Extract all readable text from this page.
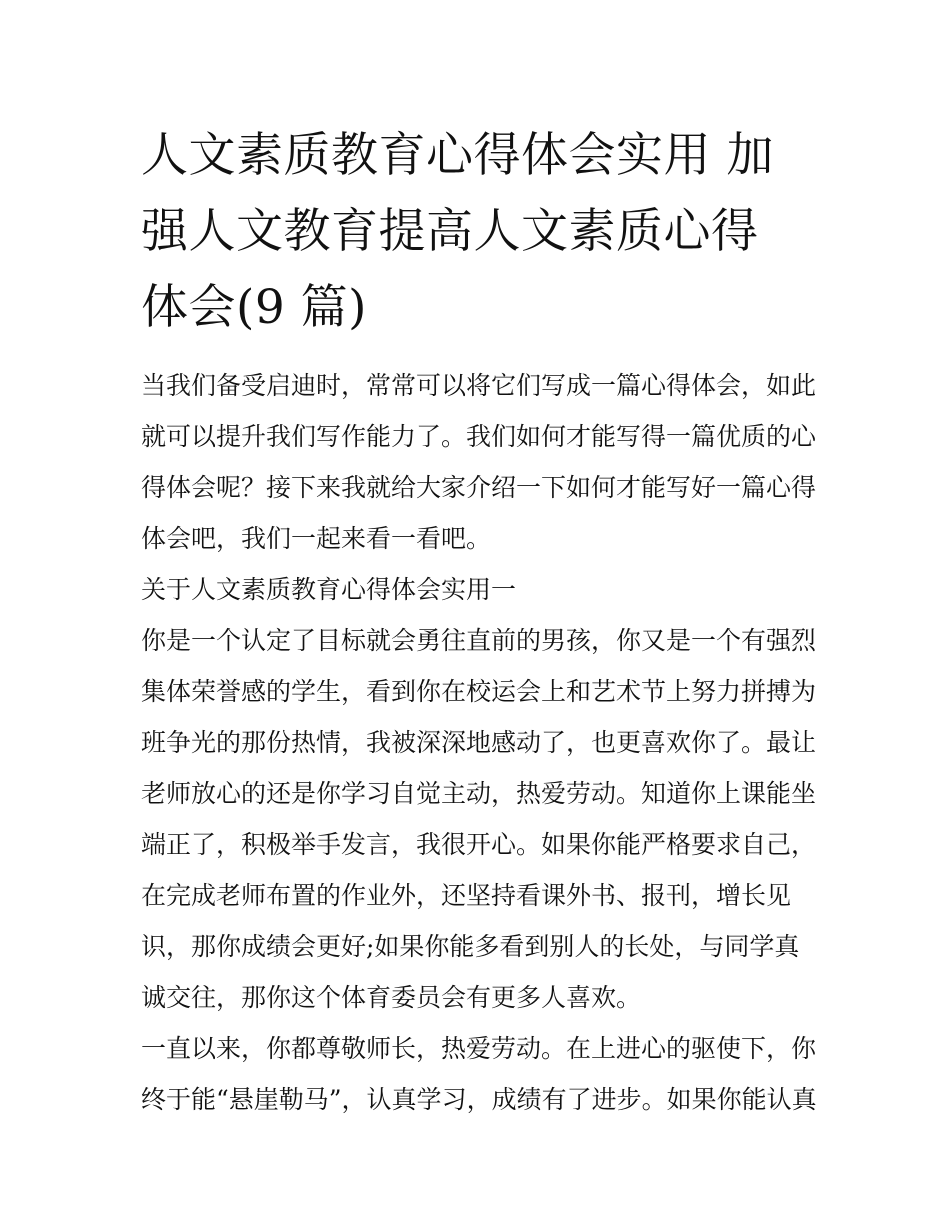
人文素质教育心得体会实用 加
强人文教育提高人文素质心得
体会(9 篇)

当我们备受启迪时，常常可以将它们写成一篇心得体会，如此
就可以提升我们写作能力了。我们如何才能写得一篇优质的心
得体会呢？接下来我就给大家介绍一下如何才能写好一篇心得
体会吧，我们一起来看一看吧。

关于人文素质教育心得体会实用一

你是一个认定了目标就会勇往直前的男孩，你又是一个有强烈
集体荣誉感的学生，看到你在校运会上和艺术节上努力拼搏为
班争光的那份热情，我被深深地感动了，也更喜欢你了。最让
老师放心的还是你学习自觉主动，热爱劳动。知道你上课能坐
端正了，积极举手发言，我很开心。如果你能严格要求自己，
在完成老师布置的作业外，还坚持看课外书、报刊，增长见
识，那你成绩会更好;如果你能多看到别人的长处，与同学真
诚交往，那你这个体育委员会有更多人喜欢。

一直以来，你都尊敬师长，热爱劳动。在上进心的驱使下，你
终于能“悬崖勒马”，认真学习，成绩有了进步。如果你能认真
